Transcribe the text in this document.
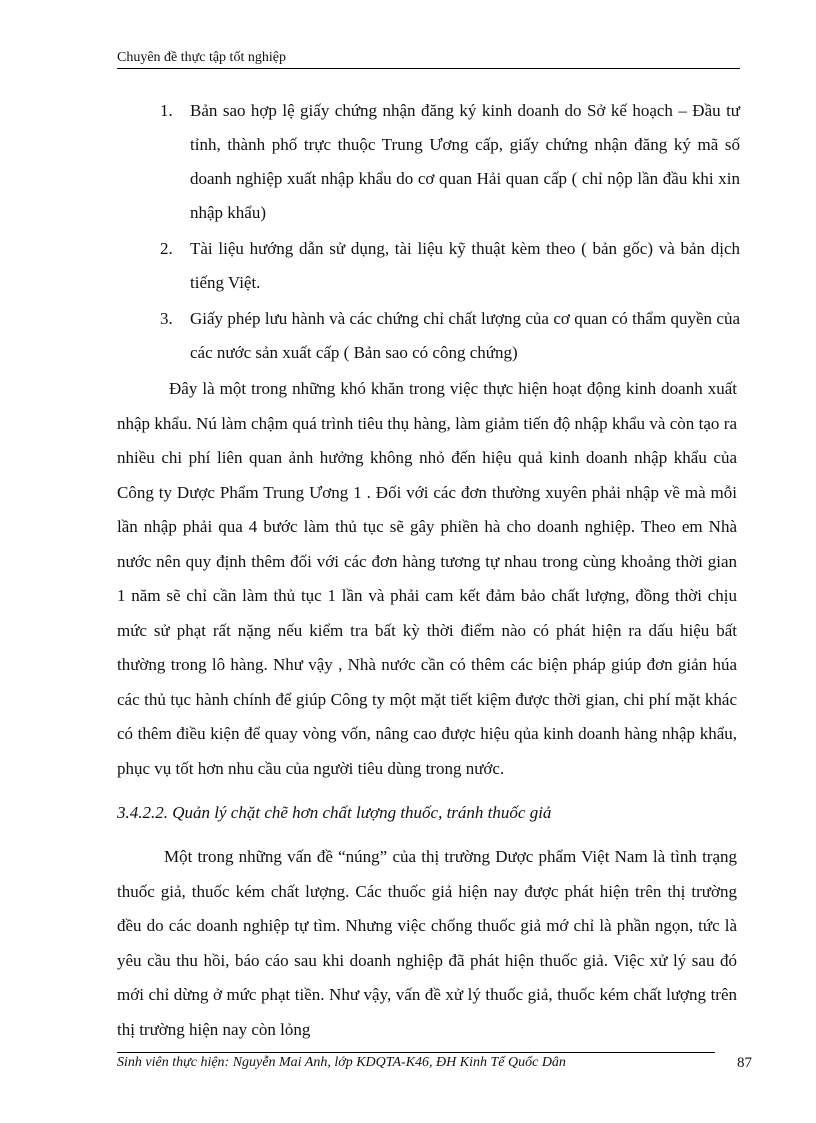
Chuyên đề thực tập tốt nghiệp
1. Bản sao hợp lệ giấy chứng nhận đăng ký kinh doanh do Sở kế hoạch – Đầu tư tỉnh, thành phố trực thuộc Trung Ương cấp, giấy chứng nhận đăng ký mã số doanh nghiệp xuất nhập khẩu do cơ quan Hải quan cấp ( chỉ nộp lần đầu khi xin nhập khẩu)
2. Tài liệu hướng dẫn sử dụng, tài liệu kỹ thuật kèm theo ( bản gốc) và bản dịch tiếng Việt.
3. Giấy phép lưu hành và các chứng chỉ chất lượng của cơ quan có thẩm quyền của các nước sản xuất cấp ( Bản sao có công chứng)

Đây là một trong những khó khăn trong việc thực hiện hoạt động kinh doanh xuất nhập khẩu. Nú làm chậm quá trình tiêu thụ hàng, làm giảm tiến độ nhập khẩu và còn tạo ra nhiều chi phí liên quan ảnh hưởng không nhỏ đến hiệu quả kinh doanh nhập khẩu của Công ty Dược Phẩm Trung Ương 1 . Đối với các đơn thường xuyên phải nhập về mà mỗi lần nhập phải qua 4 bước làm thủ tục sẽ gây phiền hà cho doanh nghiệp. Theo em Nhà nước nên quy định thêm đối với các đơn hàng tương tự nhau trong cùng khoảng thời gian 1 năm sẽ chỉ cần làm thủ tục 1 lần và phải cam kết đảm bảo chất lượng, đồng thời chịu mức sử phạt rất nặng nếu kiểm tra bất kỳ thời điểm nào có phát hiện ra dấu hiệu bất thường trong lô hàng. Như vậy , Nhà nước cần có thêm các biện pháp giúp đơn giản húa các thủ tục hành chính để giúp Công ty một mặt tiết kiệm được thời gian, chi phí mặt khác có thêm điều kiện để quay vòng vốn, nâng cao được hiệu qủa kinh doanh hàng nhập khẩu, phục vụ tốt hơn nhu cầu của người tiêu dùng trong nước.

3.4.2.2. Quản lý chặt chẽ hơn chất lượng thuốc, tránh thuốc giả

Một trong những vấn đề “núng” của thị trường Dược phẩm Việt Nam là tình trạng thuốc giả, thuốc kém chất lượng. Các thuốc giả hiện nay được phát hiện trên thị trường đều do các doanh nghiệp tự tìm. Nhưng việc chống thuốc giả mớ chỉ là phần ngọn, tức là yêu cầu thu hồi, báo cáo sau khi doanh nghiệp đã phát hiện thuốc giả. Việc xử lý sau đó mới chỉ dừng ở mức phạt tiền. Như vậy, vấn đề xử lý thuốc giả, thuốc kém chất lượng trên thị trường hiện nay còn lỏng

Sinh viên thực hiện: Nguyễn Mai Anh, lớp KDQTA-K46, ĐH Kinh Tế Quốc Dân	87
